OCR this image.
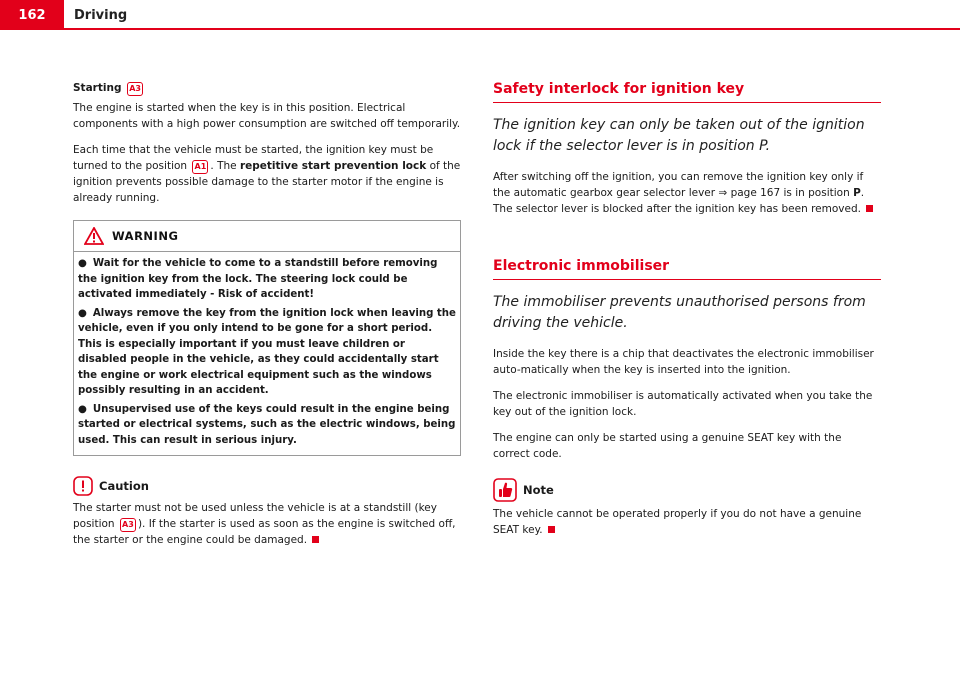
162	Driving
Starting A3

The engine is started when the key is in this position. Electrical components with a high power consumption are switched off temporarily.

Each time that the vehicle must be started, the ignition key must be turned to the position A1 . The repetitive start prevention lock of the ignition prevents possible damage to the starter motor if the engine is already running.

WARNING
● Wait for the vehicle to come to a standstill before removing the ignition key from the lock. The steering lock could be activated immediately - Risk of accident!
● Always remove the key from the ignition lock when leaving the vehicle, even if you only intend to be gone for a short period. This is especially important if you must leave children or disabled people in the vehicle, as they could accidentally start the engine or work electrical equipment such as the windows possibly resulting in an accident.
● Unsupervised use of the keys could result in the engine being started or electrical systems, such as the electric windows, being used. This can result in serious injury.
Caution

The starter must not be used unless the vehicle is at a standstill (key position A3 ). If the starter is used as soon as the engine is switched off, the starter or the engine could be damaged.

Safety interlock for ignition key
The ignition key can only be taken out of the ignition lock if the selector lever is in position P.

After switching off the ignition, you can remove the ignition key only if the automatic gearbox gear selector lever ⇒ page 167 is in position P. The selector lever is blocked after the ignition key has been removed.

Electronic immobiliser
The immobiliser prevents unauthorised persons from driving the vehicle.

Inside the key there is a chip that deactivates the electronic immobiliser auto-matically when the key is inserted into the ignition.

The electronic immobiliser is automatically activated when you take the key out of the ignition lock.

The engine can only be started using a genuine SEAT key with the correct code.

Note

The vehicle cannot be operated properly if you do not have a genuine SEAT key.
